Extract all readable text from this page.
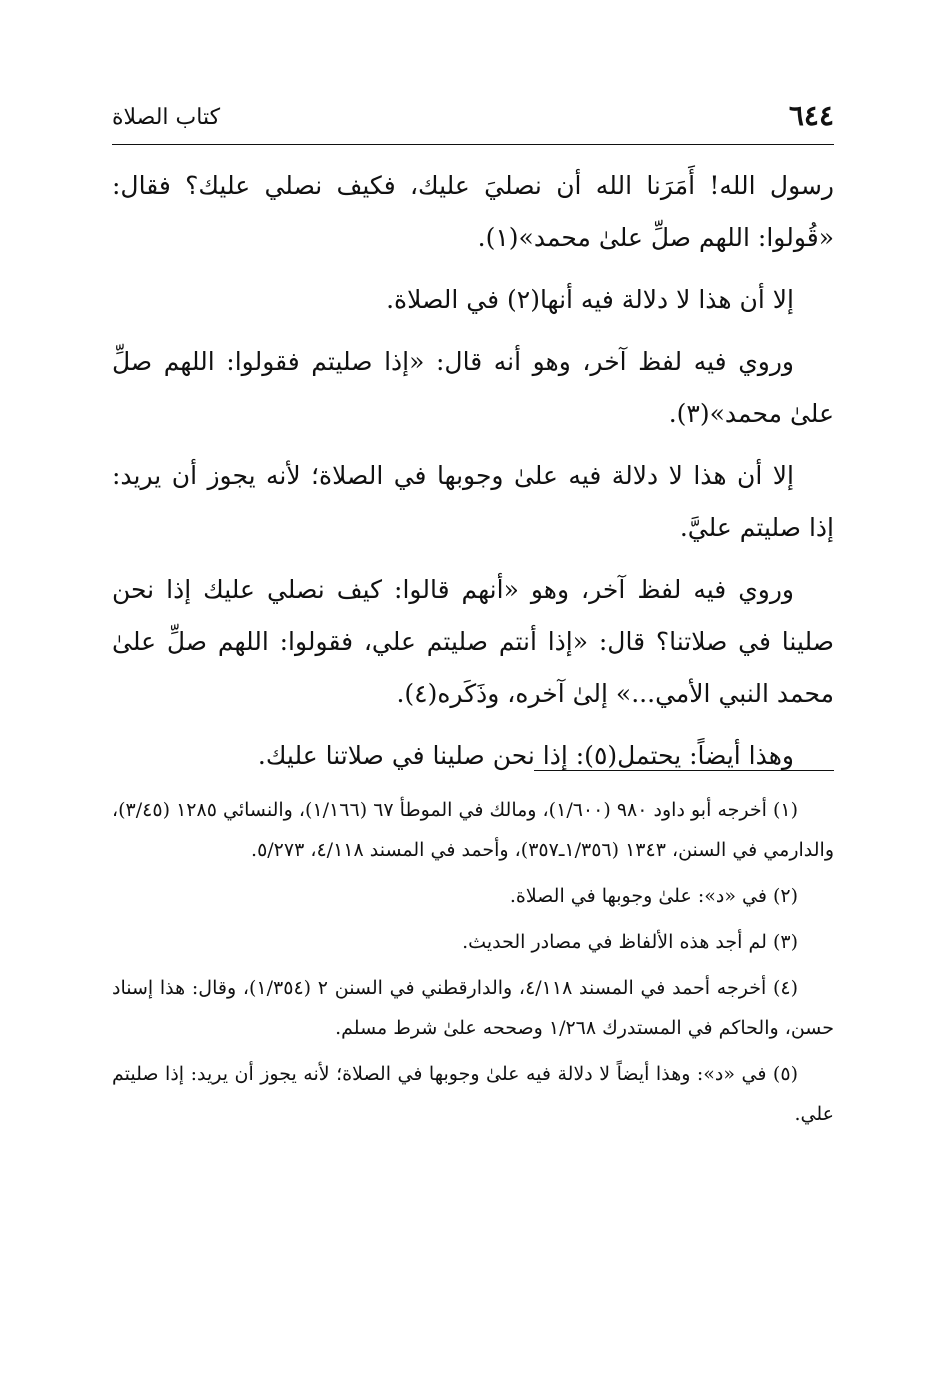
٦٤٤
كتاب الصلاة

رسول الله! أَمَرَنا الله أن نصليَ عليك، فكيف نصلي عليك؟ فقال: «قُولوا: اللهم صلِّ علىٰ محمد»(١).

إلا أن هذا لا دلالة فيه أنها(٢) في الصلاة.

وروي فيه لفظ آخر، وهو أنه قال: «إذا صليتم فقولوا: اللهم صلِّ علىٰ محمد»(٣).

إلا أن هذا لا دلالة فيه علىٰ وجوبها في الصلاة؛ لأنه يجوز أن يريد: إذا صليتم عليَّ.

وروي فيه لفظ آخر، وهو «أنهم قالوا: كيف نصلي عليك إذا نحن صلينا في صلاتنا؟ قال: «إذا أنتم صليتم علي، فقولوا: اللهم صلِّ علىٰ محمد النبي الأمي...» إلىٰ آخره، وذَكَره(٤).

وهذا أيضاً: يحتمل(٥): إذا نحن صلينا في صلاتنا عليك.

(١) أخرجه أبو داود ٩٨٠ (١/٦٠٠)، ومالك في الموطأ ٦٧ (١/١٦٦)، والنسائي ١٢٨٥ (٣/٤٥)، والدارمي في السنن، ١٣٤٣ (١/٣٥٦ـ٣٥٧)، وأحمد في المسند ٤/١١٨، ٥/٢٧٣.

(٢) في «د»: علىٰ وجوبها في الصلاة.

(٣) لم أجد هذه الألفاظ في مصادر الحديث.

(٤) أخرجه أحمد في المسند ٤/١١٨، والدارقطني في السنن ٢ (١/٣٥٤)، وقال: هذا إسناد حسن، والحاكم في المستدرك ١/٢٦٨ وصححه علىٰ شرط مسلم.

(٥) في «د»: وهذا أيضاً لا دلالة فيه علىٰ وجوبها في الصلاة؛ لأنه يجوز أن يريد: إذا صليتم علي.
